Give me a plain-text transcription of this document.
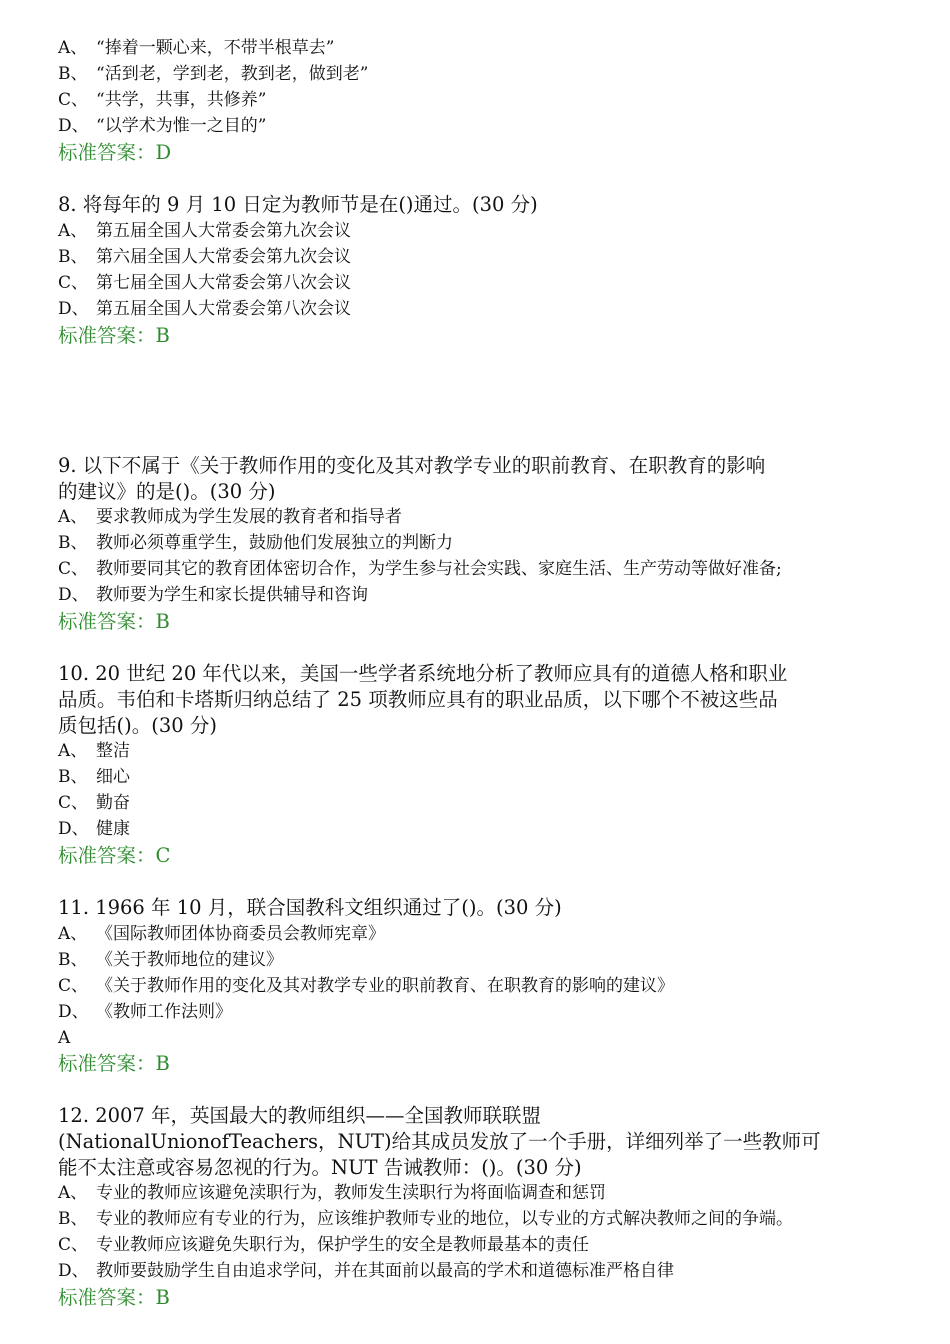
A、 “捧着一颗心来，不带半根草去”
B、 “活到老，学到老，教到老，做到老”
C、 “共学，共事，共修养”
D、 “以学术为惟一之目的”
标准答案：D
8. 将每年的 9 月 10 日定为教师节是在()通过。(30 分)
A、 第五届全国人大常委会第九次会议
B、 第六届全国人大常委会第九次会议
C、 第七届全国人大常委会第八次会议
D、 第五届全国人大常委会第八次会议
标准答案：B
9. 以下不属于《关于教师作用的变化及其对教学专业的职前教育、在职教育的影响
的建议》的是()。(30 分)
A、 要求教师成为学生发展的教育者和指导者
B、 教师必须尊重学生，鼓励他们发展独立的判断力
C、 教师要同其它的教育团体密切合作，为学生参与社会实践、家庭生活、生产劳动等做好准备;
D、 教师要为学生和家长提供辅导和咨询
标准答案：B
10. 20 世纪 20 年代以来，美国一些学者系统地分析了教师应具有的道德人格和职业
品质。韦伯和卡塔斯归纳总结了 25 项教师应具有的职业品质，以下哪个不被这些品
质包括()。(30 分)
A、 整洁
B、 细心
C、 勤奋
D、 健康
标准答案：C
11. 1966 年 10 月，联合国教科文组织通过了()。(30 分)
A、 《国际教师团体协商委员会教师宪章》
B、 《关于教师地位的建议》
C、 《关于教师作用的变化及其对教学专业的职前教育、在职教育的影响的建议》
D、 《教师工作法则》
A
标准答案：B
12. 2007 年，英国最大的教师组织——全国教师联联盟
(NationalUnionofTeachers，NUT)给其成员发放了一个手册，详细列举了一些教师可
能不太注意或容易忽视的行为。NUT 告诫教师：()。(30 分)
A、 专业的教师应该避免渎职行为，教师发生渎职行为将面临调查和惩罚
B、 专业的教师应有专业的行为，应该维护教师专业的地位，以专业的方式解决教师之间的争端。
C、 专业教师应该避免失职行为，保护学生的安全是教师最基本的责任
D、 教师要鼓励学生自由追求学问，并在其面前以最高的学术和道德标准严格自律
标准答案：B
